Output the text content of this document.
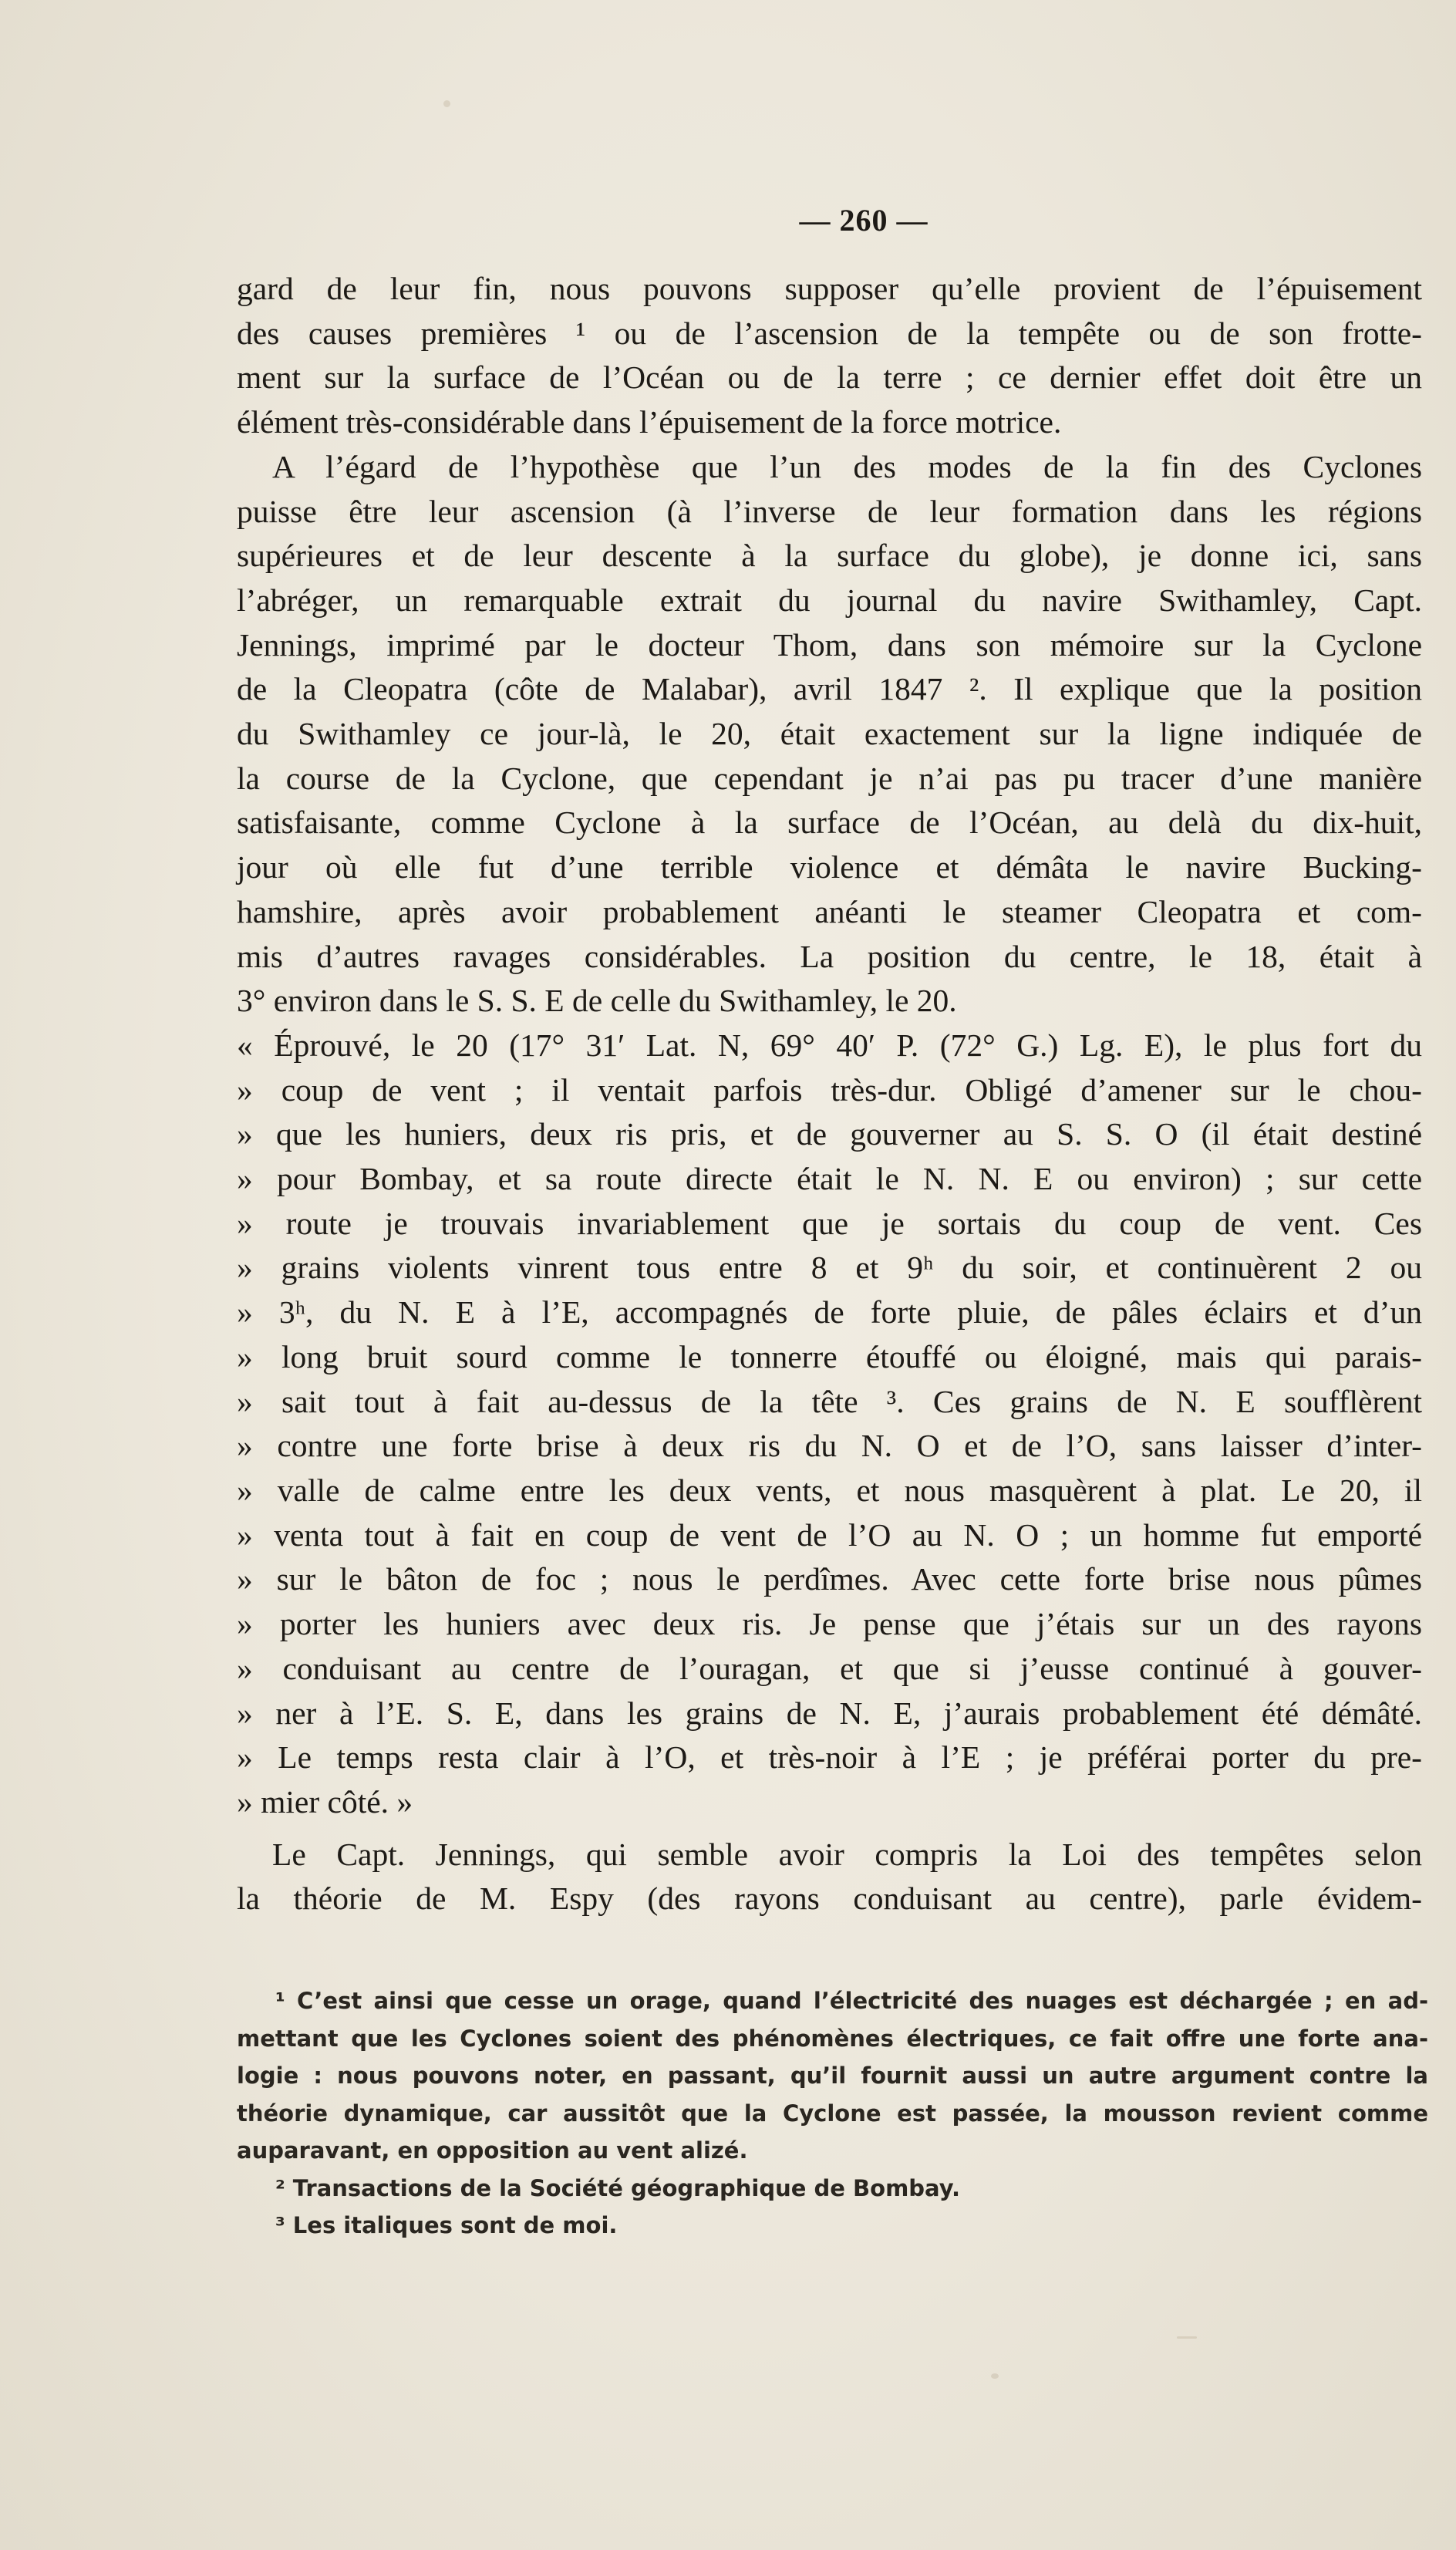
— 260 —
gard de leur fin, nous pouvons supposer qu’elle provient de l’épuisement
des causes premières ¹ ou de l’ascension de la tempête ou de son frotte-
ment sur la surface de l’Océan ou de la terre ; ce dernier effet doit être un
élément très-considérable dans l’épuisement de la force motrice.
A l’égard de l’hypothèse que l’un des modes de la fin des Cyclones
puisse être leur ascension (à l’inverse de leur formation dans les régions
supérieures et de leur descente à la surface du globe), je donne ici, sans
l’abréger, un remarquable extrait du journal du navire Swithamley, Capt.
Jennings, imprimé par le docteur Thom, dans son mémoire sur la Cyclone
de la Cleopatra (côte de Malabar), avril 1847 ². Il explique que la position
du Swithamley ce jour-là, le 20, était exactement sur la ligne indiquée de
la course de la Cyclone, que cependant je n’ai pas pu tracer d’une manière
satisfaisante, comme Cyclone à la surface de l’Océan, au delà du dix-huit,
jour où elle fut d’une terrible violence et démâta le navire Bucking-
hamshire, après avoir probablement anéanti le steamer Cleopatra et com-
mis d’autres ravages considérables. La position du centre, le 18, était à
3° environ dans le S. S. E de celle du Swithamley, le 20.
« Éprouvé, le 20 (17° 31′ Lat. N, 69° 40′ P. (72° G.) Lg. E), le plus fort du
» coup de vent ; il ventait parfois très-dur. Obligé d’amener sur le chou-
» que les huniers, deux ris pris, et de gouverner au S. S. O (il était destiné
» pour Bombay, et sa route directe était le N. N. E ou environ) ; sur cette
» route je trouvais invariablement que je sortais du coup de vent. Ces
» grains violents vinrent tous entre 8 et 9ʰ du soir, et continuèrent 2 ou
» 3ʰ, du N. E à l’E, accompagnés de forte pluie, de pâles éclairs et d’un
» long bruit sourd comme le tonnerre étouffé ou éloigné, mais qui parais-
» sait tout à fait au-dessus de la tête ³. Ces grains de N. E soufflèrent
» contre une forte brise à deux ris du N. O et de l’O, sans laisser d’inter-
» valle de calme entre les deux vents, et nous masquèrent à plat. Le 20, il
» venta tout à fait en coup de vent de l’O au N. O ; un homme fut emporté
» sur le bâton de foc ; nous le perdîmes. Avec cette forte brise nous pûmes
» porter les huniers avec deux ris. Je pense que j’étais sur un des rayons
» conduisant au centre de l’ouragan, et que si j’eusse continué à gouver-
» ner à l’E. S. E, dans les grains de N. E, j’aurais probablement été démâté.
» Le temps resta clair à l’O, et très-noir à l’E ; je préférai porter du pre-
» mier côté. »
Le Capt. Jennings, qui semble avoir compris la Loi des tempêtes selon
la théorie de M. Espy (des rayons conduisant au centre), parle évidem-
¹ C’est ainsi que cesse un orage, quand l’électricité des nuages est déchargée ; en ad-
mettant que les Cyclones soient des phénomènes électriques, ce fait offre une forte ana-
logie : nous pouvons noter, en passant, qu’il fournit aussi un autre argument contre la
théorie dynamique, car aussitôt que la Cyclone est passée, la mousson revient comme
auparavant, en opposition au vent alizé.
² Transactions de la Société géographique de Bombay.
³ Les italiques sont de moi.
